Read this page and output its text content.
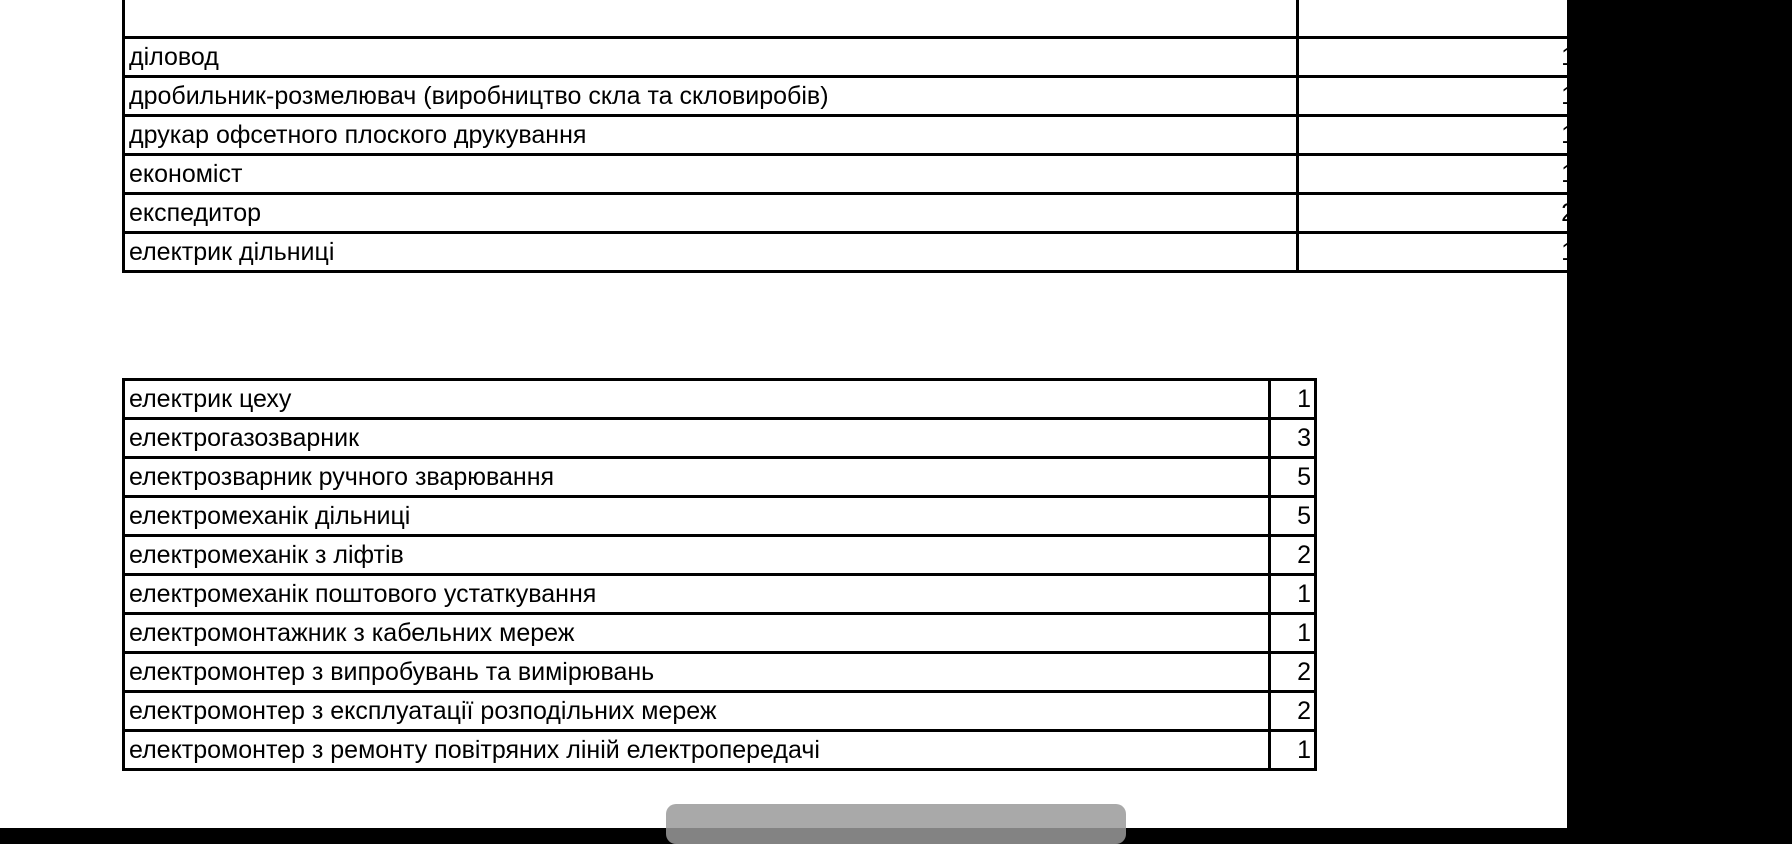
діловод	1
дробильник-розмелювач (виробництво скла та скловиробів)	1
друкар офсетного плоского друкування	1
економіст	1
експедитор	2
електрик дільниці	1
електрик цеху	1
електрогазозварник	3
електрозварник ручного зварювання	5
електромеханік дільниці	5
електромеханік з ліфтів	2
електромеханік поштового устаткування	1
електромонтажник з кабельних мереж	1
електромонтер з випробувань та вимірювань	2
електромонтер з експлуатації розподільних мереж	2
електромонтер з ремонту повітряних ліній електропередачі	1
